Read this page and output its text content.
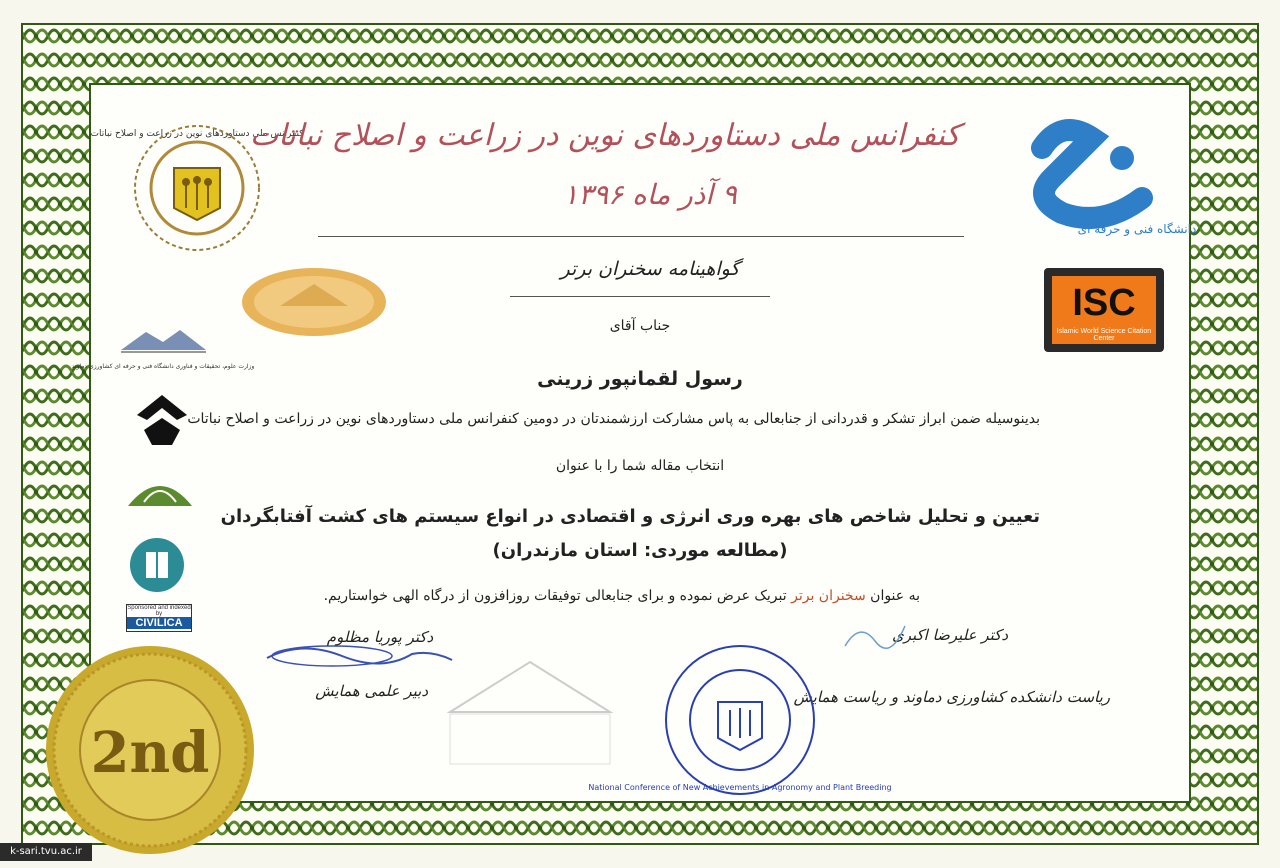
کنفرانس ملی دستاوردهای نوین در زراعت و اصلاح نباتات
دانشگاه فنی و حرفه ای
ISC
Islamic World Science Citation Center
وزارت علوم، تحقیقات و فناوری دانشگاه فنی و حرفه ای کشاورزی دماوند
Sponsored and indexed by
CIVILICA
کنفرانس ملی دستاوردهای نوین در زراعت و اصلاح نباتات
۹ آذر ماه ۱۳۹۶
گواهینامه سخنران برتر
جناب آقای
رسول لقمانپور زرینی
بدینوسیله ضمن ابراز تشکر و قدردانی از جنابعالی به پاس مشارکت ارزشمندتان در دومین کنفرانس ملی دستاوردهای نوین در زراعت و اصلاح نباتات
انتخاب مقاله شما را با عنوان
تعیین و تحلیل شاخص های بهره وری انرژی و اقتصادی در انواع سیستم های کشت آفتابگردان
(مطالعه موردی: استان مازندران)
به عنوان سخنران برتر تبریک عرض نموده و برای جنابعالی توفیقات روزافزون از درگاه الهی خواستاریم.
دکتر علیرضا اکبری
ریاست دانشکده کشاورزی دماوند و ریاست همایش
دکتر پوریا مظلوم
دبیر علمی همایش
National Conference of New Achievements in Agronomy and Plant Breeding
2nd
k-sari.tvu.ac.ir
